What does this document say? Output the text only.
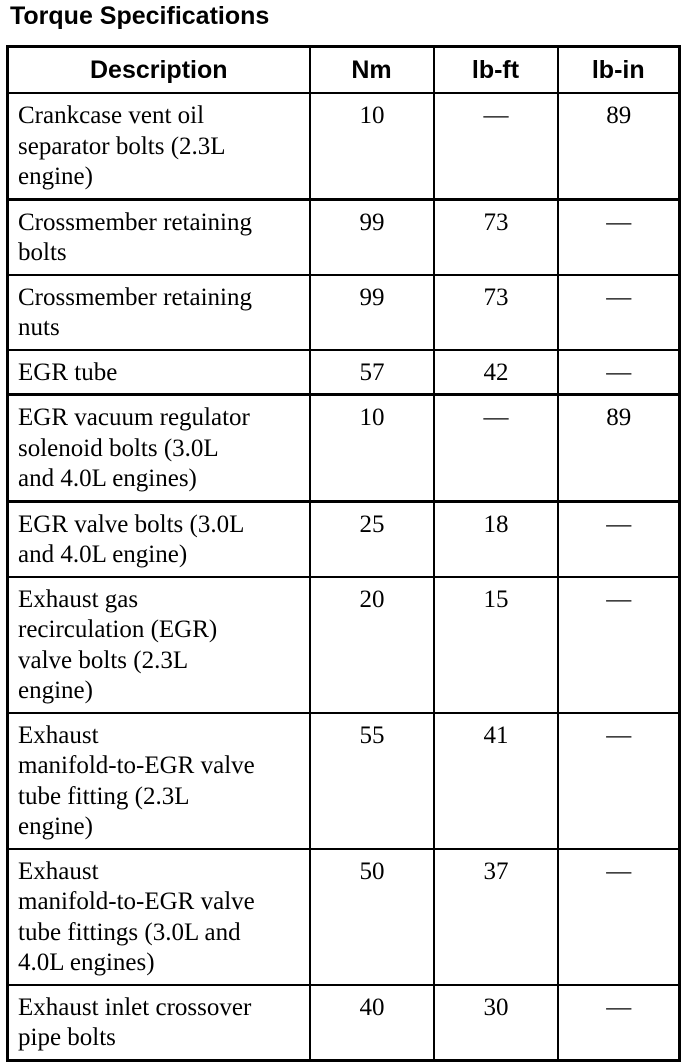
Torque Specifications
Description	Nm	lb-ft	lb-in
Crankcase vent oil
separator bolts (2.3L
engine)	10	—	89
Crossmember retaining
bolts	99	73	—
Crossmember retaining
nuts	99	73	—
EGR tube	57	42	—
EGR vacuum regulator
solenoid bolts (3.0L
and 4.0L engines)	10	—	89
EGR valve bolts (3.0L
and 4.0L engine)	25	18	—
Exhaust gas
recirculation (EGR)
valve bolts (2.3L
engine)	20	15	—
Exhaust
manifold-to-EGR valve
tube fitting (2.3L
engine)	55	41	—
Exhaust
manifold-to-EGR valve
tube fittings (3.0L and
4.0L engines)	50	37	—
Exhaust inlet crossover
pipe bolts	40	30	—
